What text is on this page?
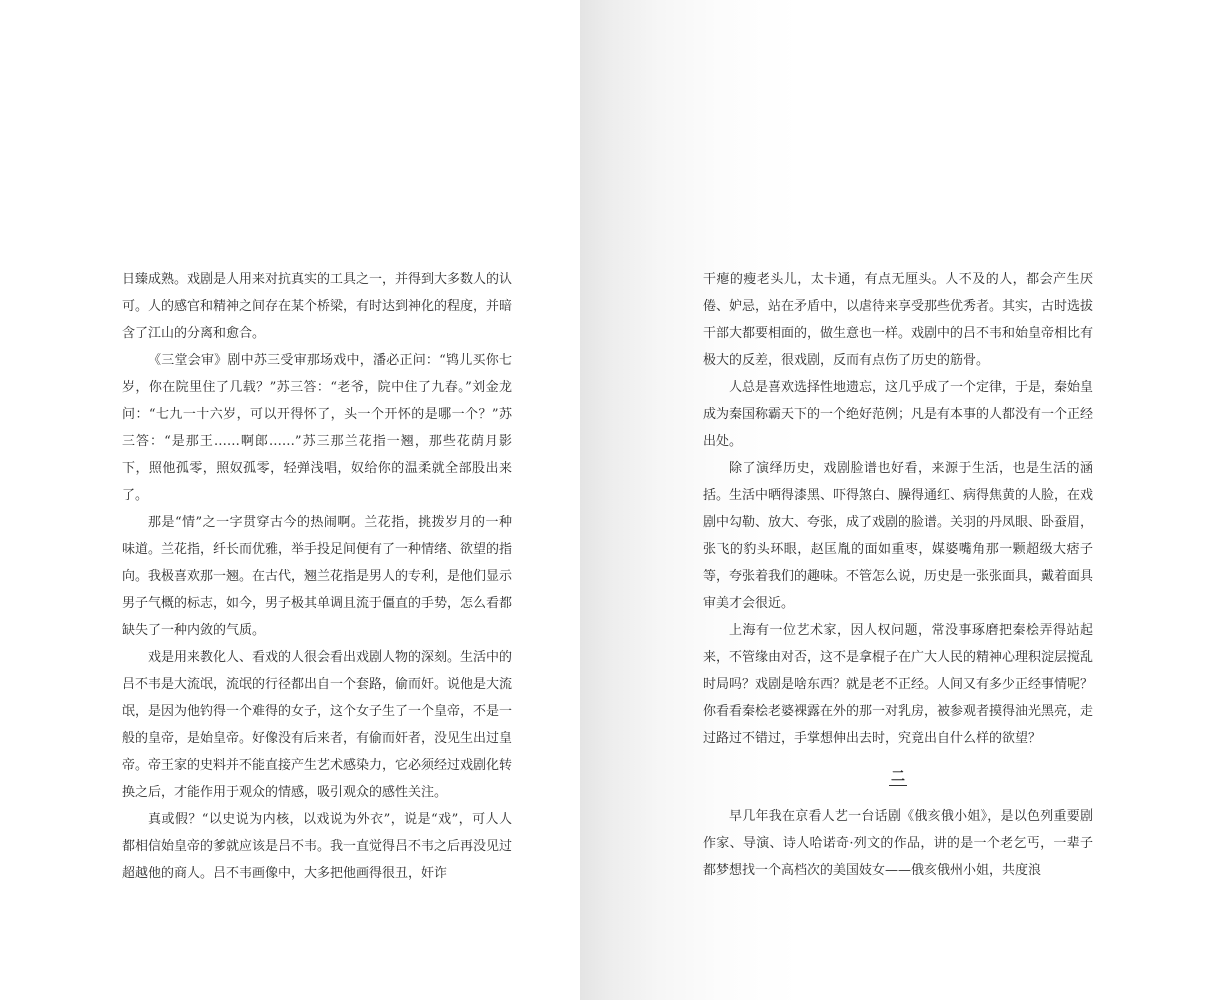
日臻成熟。戏剧是人用来对抗真实的工具之一，并得到大多数人的认可。人的感官和精神之间存在某个桥梁，有时达到神化的程度，并暗含了江山的分离和愈合。

《三堂会审》剧中苏三受审那场戏中，潘必正问：“鸨儿买你七岁，你在院里住了几载？”苏三答：“老爷，院中住了九春。”刘金龙问：“七九一十六岁，可以开得怀了，头一个开怀的是哪一个？”苏三答：“是那王……啊郎……”苏三那兰花指一翘，那些花荫月影下，照他孤零，照奴孤零，轻弹浅唱，奴给你的温柔就全部股出来了。

那是“情”之一字贯穿古今的热闹啊。兰花指，挑拨岁月的一种味道。兰花指，纤长而优雅，举手投足间便有了一种情绪、欲望的指向。我极喜欢那一翘。在古代，翘兰花指是男人的专利，是他们显示男子气概的标志，如今，男子极其单调且流于僵直的手势，怎么看都缺失了一种内敛的气质。

戏是用来教化人、看戏的人很会看出戏剧人物的深刻。生活中的吕不韦是大流氓，流氓的行径都出自一个套路，偷而奸。说他是大流氓，是因为他钓得一个难得的女子，这个女子生了一个皇帝，不是一般的皇帝，是始皇帝。好像没有后来者，有偷而奸者，没见生出过皇帝。帝王家的史料并不能直接产生艺术感染力，它必须经过戏剧化转换之后，才能作用于观众的情感，吸引观众的感性关注。

真或假？“以史说为内核，以戏说为外衣”，说是“戏”，可人人都相信始皇帝的爹就应该是吕不韦。我一直觉得吕不韦之后再没见过超越他的商人。吕不韦画像中，大多把他画得很丑，奸诈

干瘪的瘦老头儿，太卡通，有点无厘头。人不及的人，都会产生厌倦、妒忌，站在矛盾中，以虐待来享受那些优秀者。其实，古时选拔干部大都要相面的，做生意也一样。戏剧中的吕不韦和始皇帝相比有极大的反差，很戏剧，反而有点伤了历史的筋骨。

人总是喜欢选择性地遗忘，这几乎成了一个定律，于是，秦始皇成为秦国称霸天下的一个绝好范例；凡是有本事的人都没有一个正经出处。

除了演绎历史，戏剧脸谱也好看，来源于生活，也是生活的涵括。生活中晒得漆黑、吓得煞白、臊得通红、病得焦黄的人脸，在戏剧中勾勒、放大、夸张，成了戏剧的脸谱。关羽的丹凤眼、卧蚕眉，张飞的豹头环眼，赵匡胤的面如重枣，媒婆嘴角那一颗超级大痞子等，夸张着我们的趣味。不管怎么说，历史是一张张面具，戴着面具审美才会很近。

上海有一位艺术家，因人权问题，常没事琢磨把秦桧弄得站起来，不管缘由对否，这不是拿棍子在广大人民的精神心理积淀层搅乱时局吗？戏剧是啥东西？就是老不正经。人间又有多少正经事情呢？你看看秦桧老婆裸露在外的那一对乳房，被参观者摸得油光黑亮，走过路过不错过，手掌想伸出去时，究竟出自什么样的欲望？

二

早几年我在京看人艺一台话剧《俄亥俄小姐》，是以色列重要剧作家、导演、诗人哈诺奇·列文的作品，讲的是一个老乞丐，一辈子都梦想找一个高档次的美国妓女——俄亥俄州小姐，共度浪
